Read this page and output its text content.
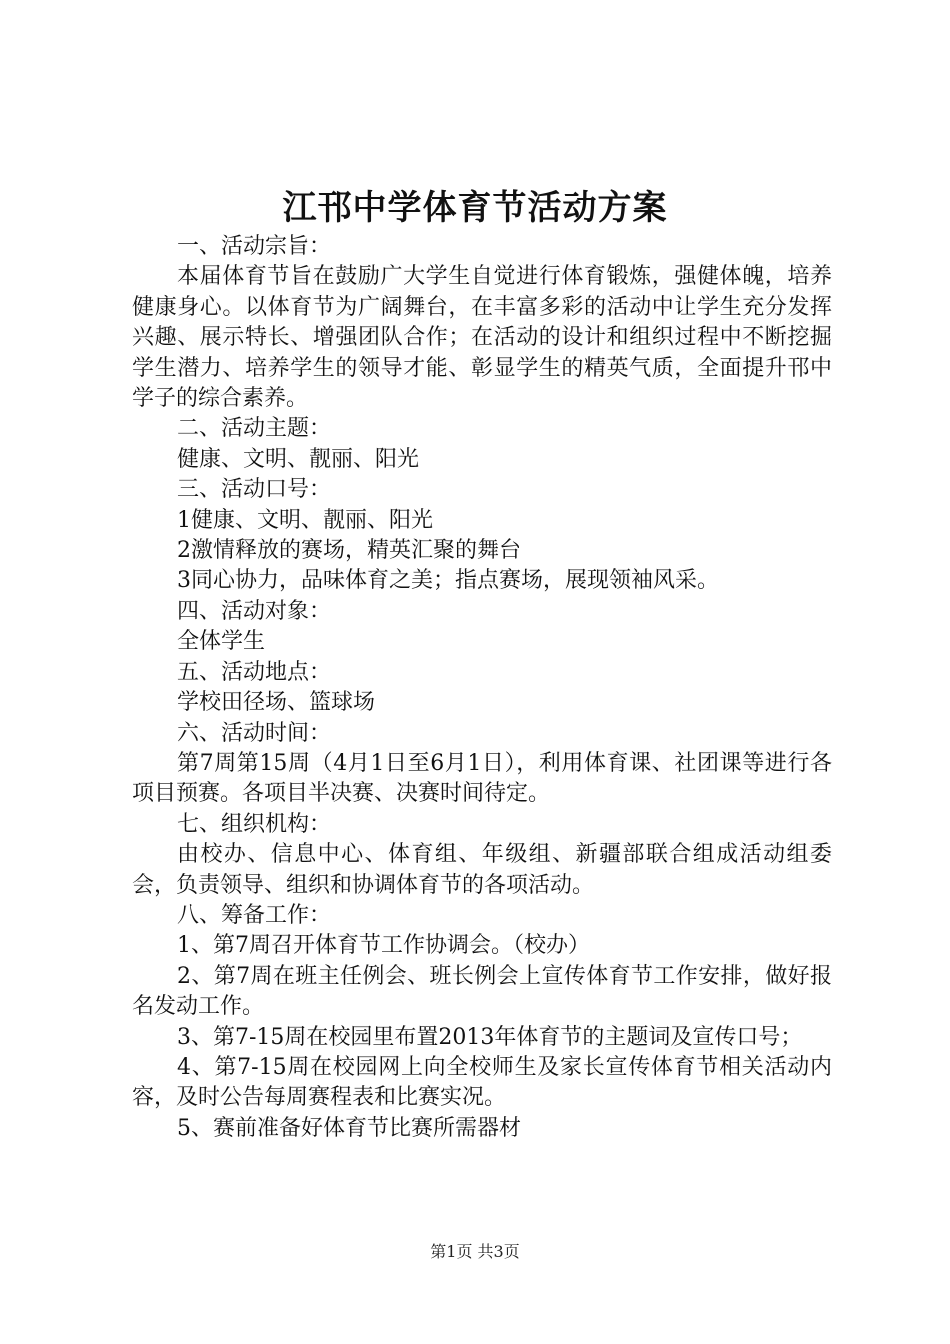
江邗中学体育节活动方案

一、活动宗旨：

本届体育节旨在鼓励广大学生自觉进行体育锻炼，强健体魄，培养健康身心。以体育节为广阔舞台，在丰富多彩的活动中让学生充分发挥兴趣、展示特长、增强团队合作；在活动的设计和组织过程中不断挖掘学生潜力、培养学生的领导才能、彰显学生的精英气质，全面提升邗中学子的综合素养。

二、活动主题：

健康、文明、靓丽、阳光

三、活动口号：

1健康、文明、靓丽、阳光

2激情释放的赛场，精英汇聚的舞台

3同心协力，品味体育之美；指点赛场，展现领袖风采。

四、活动对象：

全体学生

五、活动地点：

学校田径场、篮球场

六、活动时间：

第7周第15周（4月1日至6月1日），利用体育课、社团课等进行各项目预赛。各项目半决赛、决赛时间待定。

七、组织机构：

由校办、信息中心、体育组、年级组、新疆部联合组成活动组委会，负责领导、组织和协调体育节的各项活动。

八、筹备工作：

1、第7周召开体育节工作协调会。（校办）

2、第7周在班主任例会、班长例会上宣传体育节工作安排，做好报名发动工作。

3、第7-15周在校园里布置2013年体育节的主题词及宣传口号；

4、第7-15周在校园网上向全校师生及家长宣传体育节相关活动内容，及时公告每周赛程表和比赛实况。

5、赛前准备好体育节比赛所需器材

第1页 共3页
